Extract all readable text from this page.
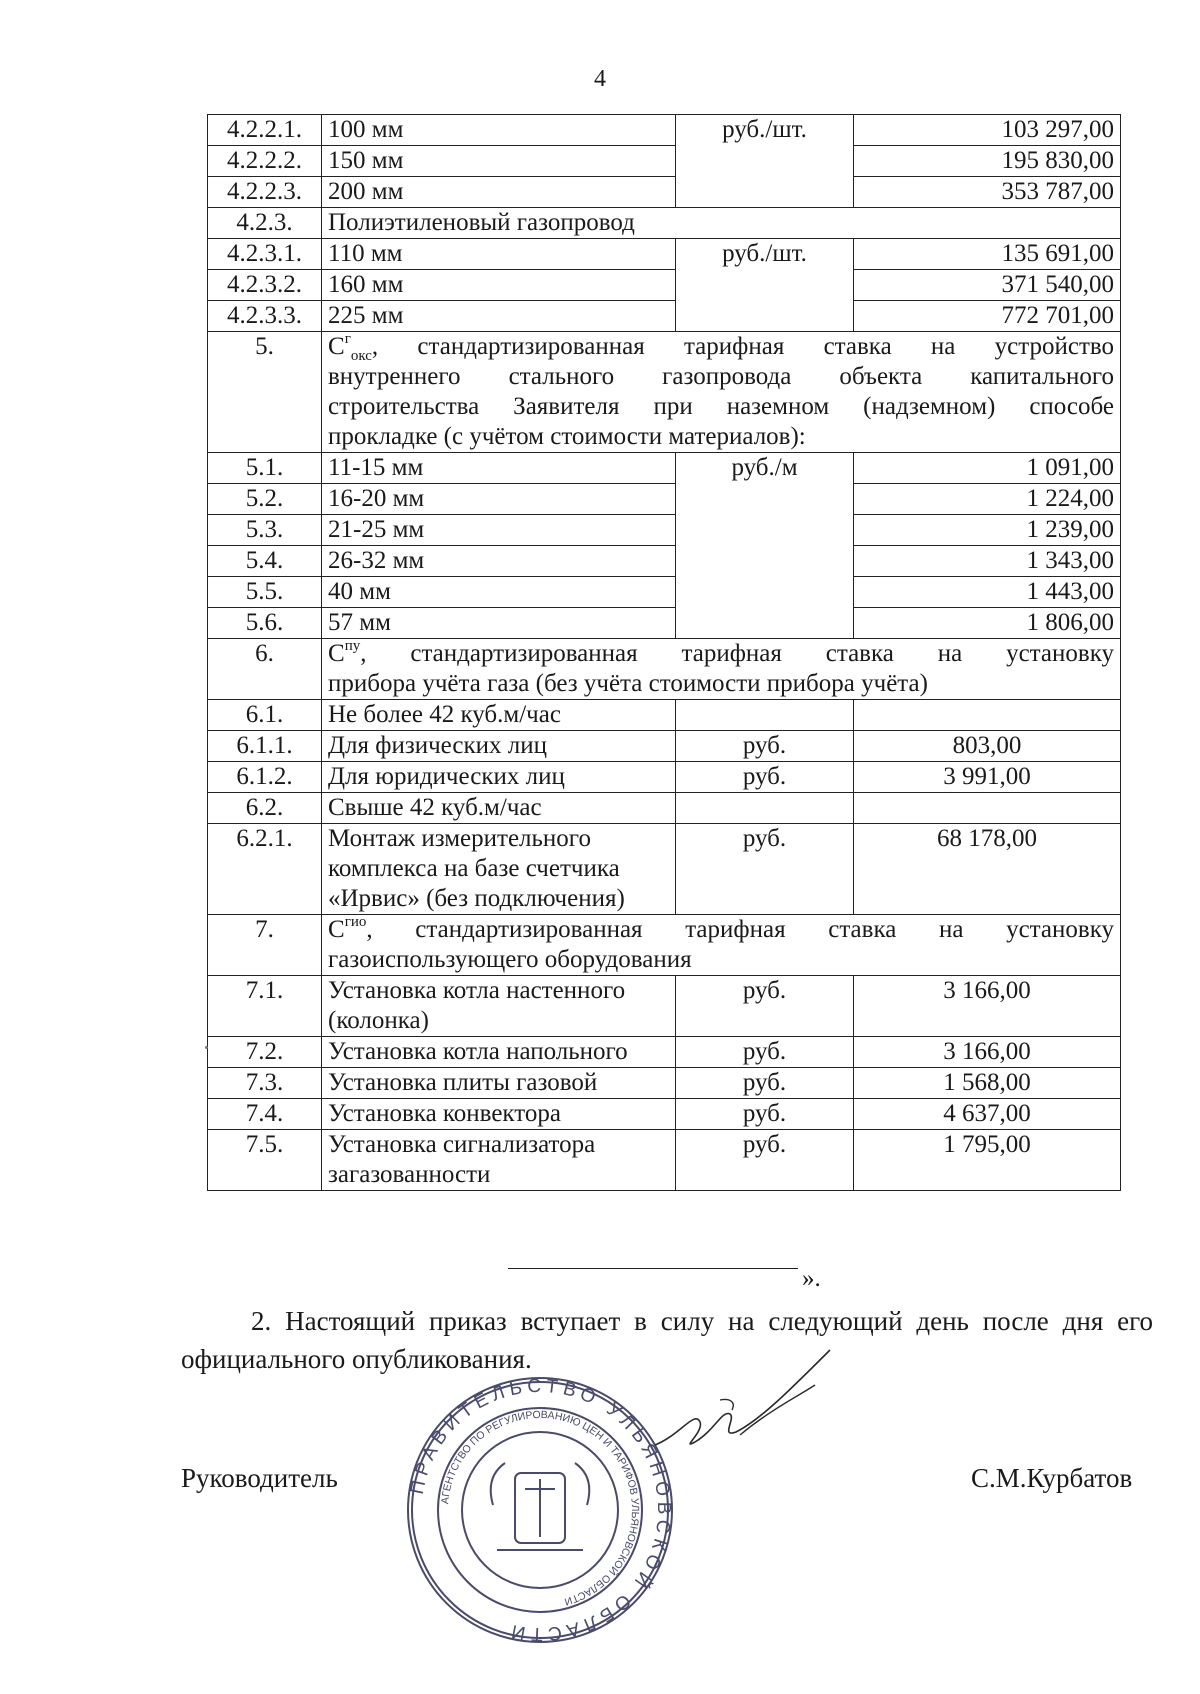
4
4.2.2.1.	100 мм	руб./шт.	103 297,00
4.2.2.2.	150 мм		195 830,00
4.2.2.3.	200 мм		353 787,00
4.2.3.	Полиэтиленовый газопровод		
4.2.3.1.	110 мм	руб./шт.	135 691,00
4.2.3.2.	160 мм		371 540,00
4.2.3.3.	225 мм		772 701,00
5.	$С^г_{окс}$, стандартизированная тарифная ставка на устройство
внутреннего стального газопровода объекта капитального
строительства Заявителя при наземном (надземном) способе
прокладке (с учётом стоимости материалов):		

5.1.	11-15 мм	руб./м	1 091,00
5.2.	16-20 мм		1 224,00
5.3.	21-25 мм		1 239,00
5.4.	26-32 мм		1 343,00
5.5.	40 мм		1 443,00
5.6.	57 мм		1 806,00
6.	$С^{пу}$, стандартизированная тарифная ставка на установку
прибора учёта газа (без учёта стоимости прибора учёта)		

6.1.	Не более 42 куб.м/час		
6.1.1.	Для физических лиц	руб.	803,00
6.1.2.	Для юридических лиц	руб.	3 991,00
6.2.	Свыше 42 куб.м/час		
6.2.1.	Монтаж измерительного комплекса на базе счетчика «Ирвис» (без подключения)	руб.	68 178,00
7.	$С^{гио}$, стандартизированная тарифная ставка на установку
газоиспользующего оборудования		

7.1.	Установка котла настенного (колонка)	руб.	3 166,00
7.2.	Установка котла напольного	руб.	3 166,00
7.3.	Установка плиты газовой	руб.	1 568,00
7.4.	Установка конвектора	руб.	4 637,00
7.5.	Установка сигнализатора загазованности	руб.	1 795,00
».
2. Настоящий приказ вступает в силу на следующий день после дня его
официального опубликования.
Руководитель	С.М.Курбатов
ПРАВИТЕЛЬСТВО УЛЬЯНОВСКОЙ ОБЛАСТИ
АГЕНТСТВО ПО РЕГУЛИРОВАНИЮ ЦЕН И ТАРИФОВ УЛЬЯНОВСКОЙ ОБЛАСТИ
